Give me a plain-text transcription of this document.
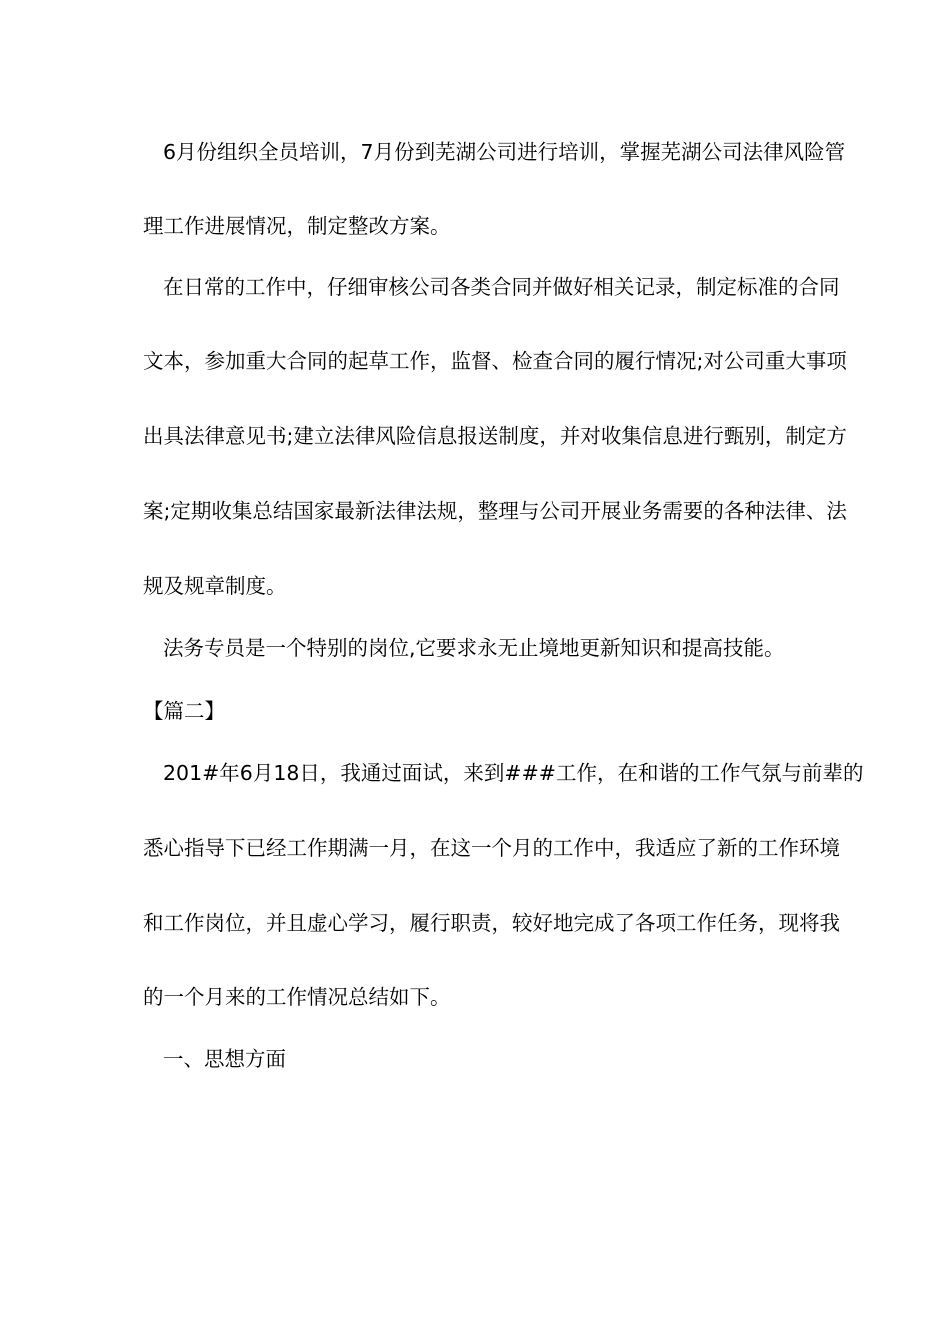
6月份组织全员培训，7月份到芜湖公司进行培训，掌握芜湖公司法律风险管
理工作进展情况，制定整改方案。
在日常的工作中，仔细审核公司各类合同并做好相关记录，制定标准的合同
文本，参加重大合同的起草工作，监督、检查合同的履行情况;对公司重大事项
出具法律意见书;建立法律风险信息报送制度，并对收集信息进行甄别，制定方
案;定期收集总结国家最新法律法规，整理与公司开展业务需要的各种法律、法
规及规章制度。
法务专员是一个特别的岗位,它要求永无止境地更新知识和提高技能。
【篇二】
201#年6月18日，我通过面试，来到###工作，在和谐的工作气氛与前辈的
悉心指导下已经工作期满一月，在这一个月的工作中，我适应了新的工作环境
和工作岗位，并且虚心学习，履行职责，较好地完成了各项工作任务，现将我
的一个月来的工作情况总结如下。
一、思想方面
